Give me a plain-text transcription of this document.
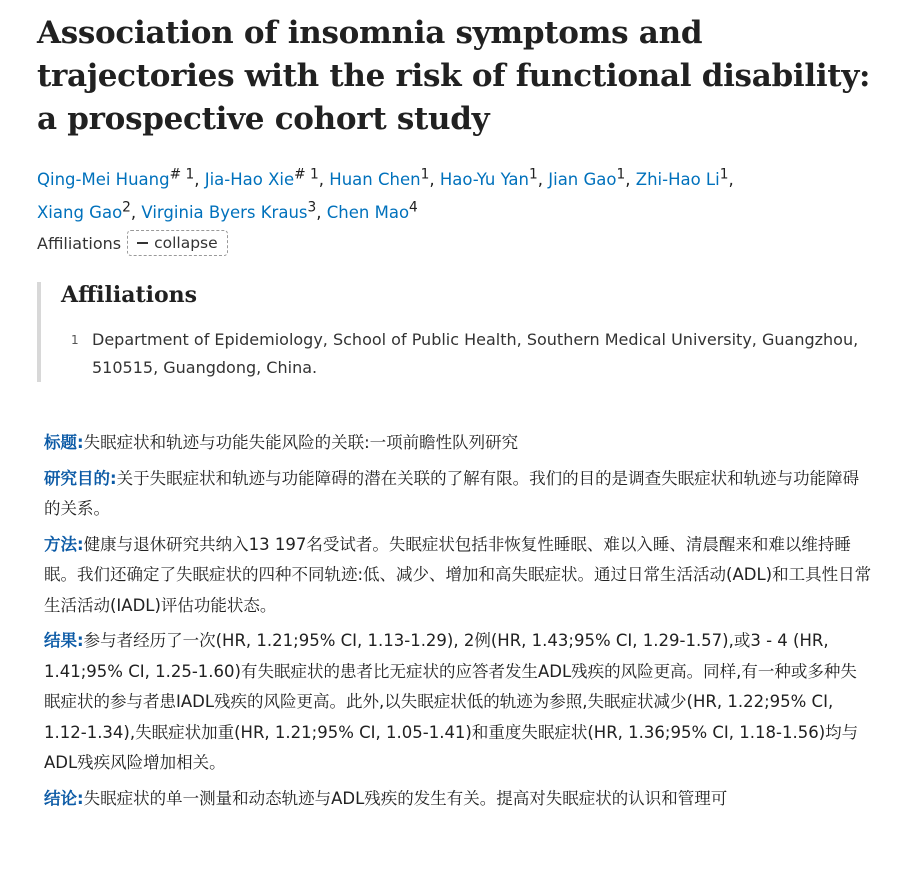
Association of insomnia symptoms and trajectories with the risk of functional disability: a prospective cohort study
Qing-Mei Huang$^{\# 1}$, Jia-Hao Xie$^{\# 1}$, Huan Chen$^1$, Hao-Yu Yan$^1$, Jian Gao$^1$, Zhi-Hao Li$^1$,
Xiang Gao$^2$, Virginia Byers Kraus$^3$, Chen Mao$^4$
Affiliations collapse
Affiliations
1 Department of Epidemiology, School of Public Health, Southern Medical University, Guangzhou, 510515, Guangdong, China.

标题:失眠症状和轨迹与功能失能风险的关联:一项前瞻性队列研究

研究目的:关于失眠症状和轨迹与功能障碍的潜在关联的了解有限。我们的目的是调查失眠症状和轨迹与功能障碍的关系。

方法:健康与退休研究共纳入13 197名受试者。失眠症状包括非恢复性睡眠、难以入睡、清晨醒来和难以维持睡眠。我们还确定了失眠症状的四种不同轨迹:低、减少、增加和高失眠症状。通过日常生活活动(ADL)和工具性日常生活活动(IADL)评估功能状态。

结果:参与者经历了一次(HR, 1.21;95% CI, 1.13-1.29), 2例(HR, 1.43;95% CI, 1.29-1.57),或3 - 4 (HR, 1.41;95% CI, 1.25-1.60)有失眠症状的患者比无症状的应答者发生ADL残疾的风险更高。同样,有一种或多种失眠症状的参与者患IADL残疾的风险更高。此外,以失眠症状低的轨迹为参照,失眠症状减少(HR, 1.22;95% CI, 1.12-1.34),失眠症状加重(HR, 1.21;95% CI, 1.05-1.41)和重度失眠症状(HR, 1.36;95% CI, 1.18-1.56)均与ADL残疾风险增加相关。

结论:失眠症状的单一测量和动态轨迹与ADL残疾的发生有关。提高对失眠症状的认识和管理可
